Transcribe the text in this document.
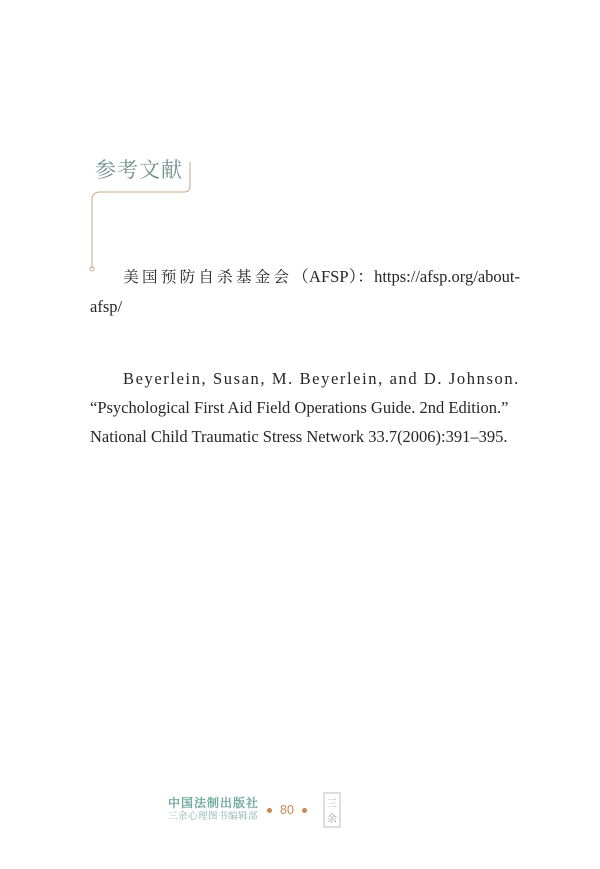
参考文献
美国预防自杀基金会（AFSP）：https://afsp.org/about-afsp/
Beyerlein, Susan, M. Beyerlein, and D. Johnson.
“Psychological First Aid Field Operations Guide. 2nd Edition.”
National Child Traumatic Stress Network 33.7(2006):391–395.
中国法制出版社
三余心理图书编辑部 80	三
余
